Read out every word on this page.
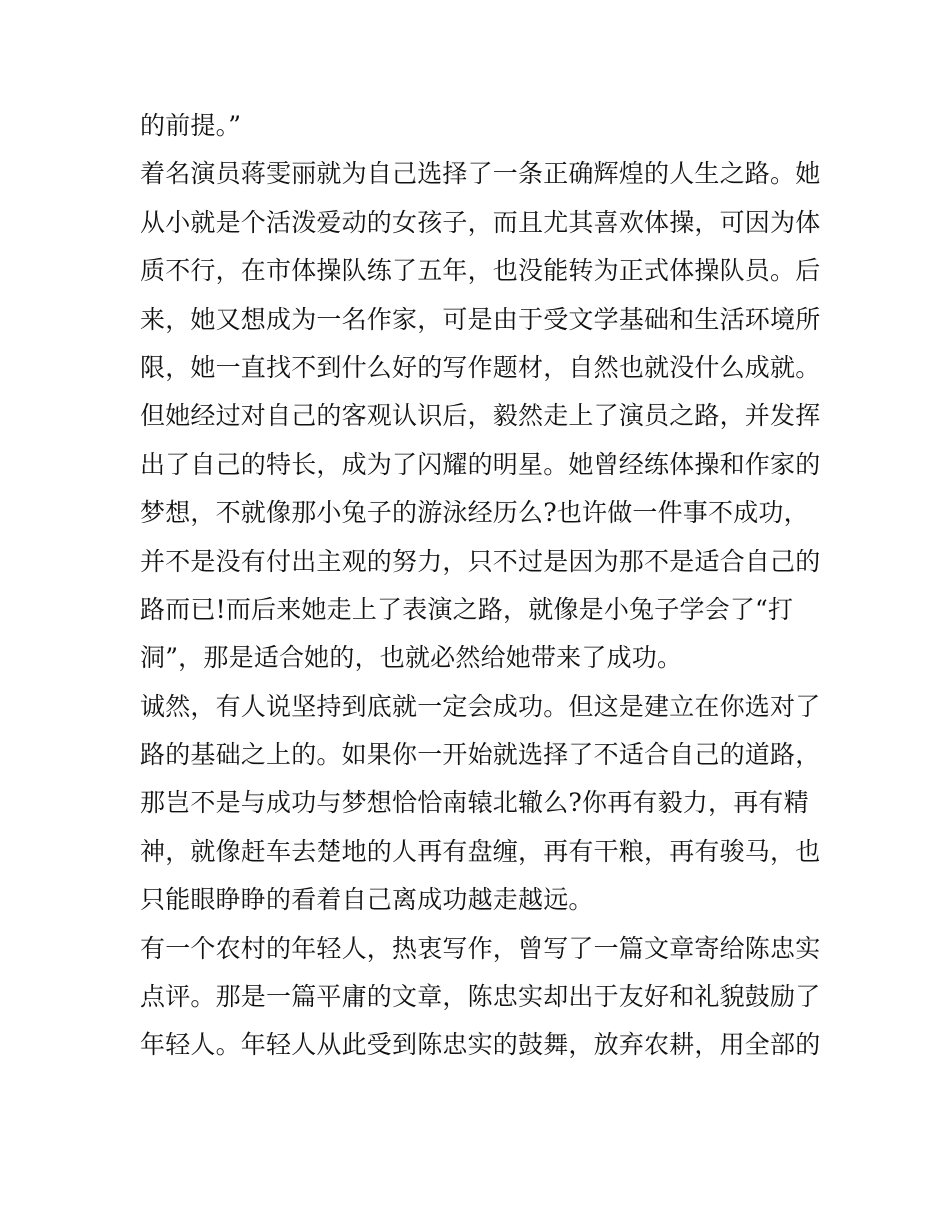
的前提。”
着名演员蒋雯丽就为自己选择了一条正确辉煌的人生之路。她
从小就是个活泼爱动的女孩子，而且尤其喜欢体操，可因为体
质不行，在市体操队练了五年，也没能转为正式体操队员。后
来，她又想成为一名作家，可是由于受文学基础和生活环境所
限，她一直找不到什么好的写作题材，自然也就没什么成就。
但她经过对自己的客观认识后，毅然走上了演员之路，并发挥
出了自己的特长，成为了闪耀的明星。她曾经练体操和作家的
梦想，不就像那小兔子的游泳经历么?也许做一件事不成功，
并不是没有付出主观的努力，只不过是因为那不是适合自己的
路而已!而后来她走上了表演之路，就像是小兔子学会了“打
洞”，那是适合她的，也就必然给她带来了成功。
诚然，有人说坚持到底就一定会成功。但这是建立在你选对了
路的基础之上的。如果你一开始就选择了不适合自己的道路，
那岂不是与成功与梦想恰恰南辕北辙么?你再有毅力，再有精
神，就像赶车去楚地的人再有盘缠，再有干粮，再有骏马，也
只能眼睁睁的看着自己离成功越走越远。
有一个农村的年轻人，热衷写作，曾写了一篇文章寄给陈忠实
点评。那是一篇平庸的文章，陈忠实却出于友好和礼貌鼓励了
年轻人。年轻人从此受到陈忠实的鼓舞，放弃农耕，用全部的
